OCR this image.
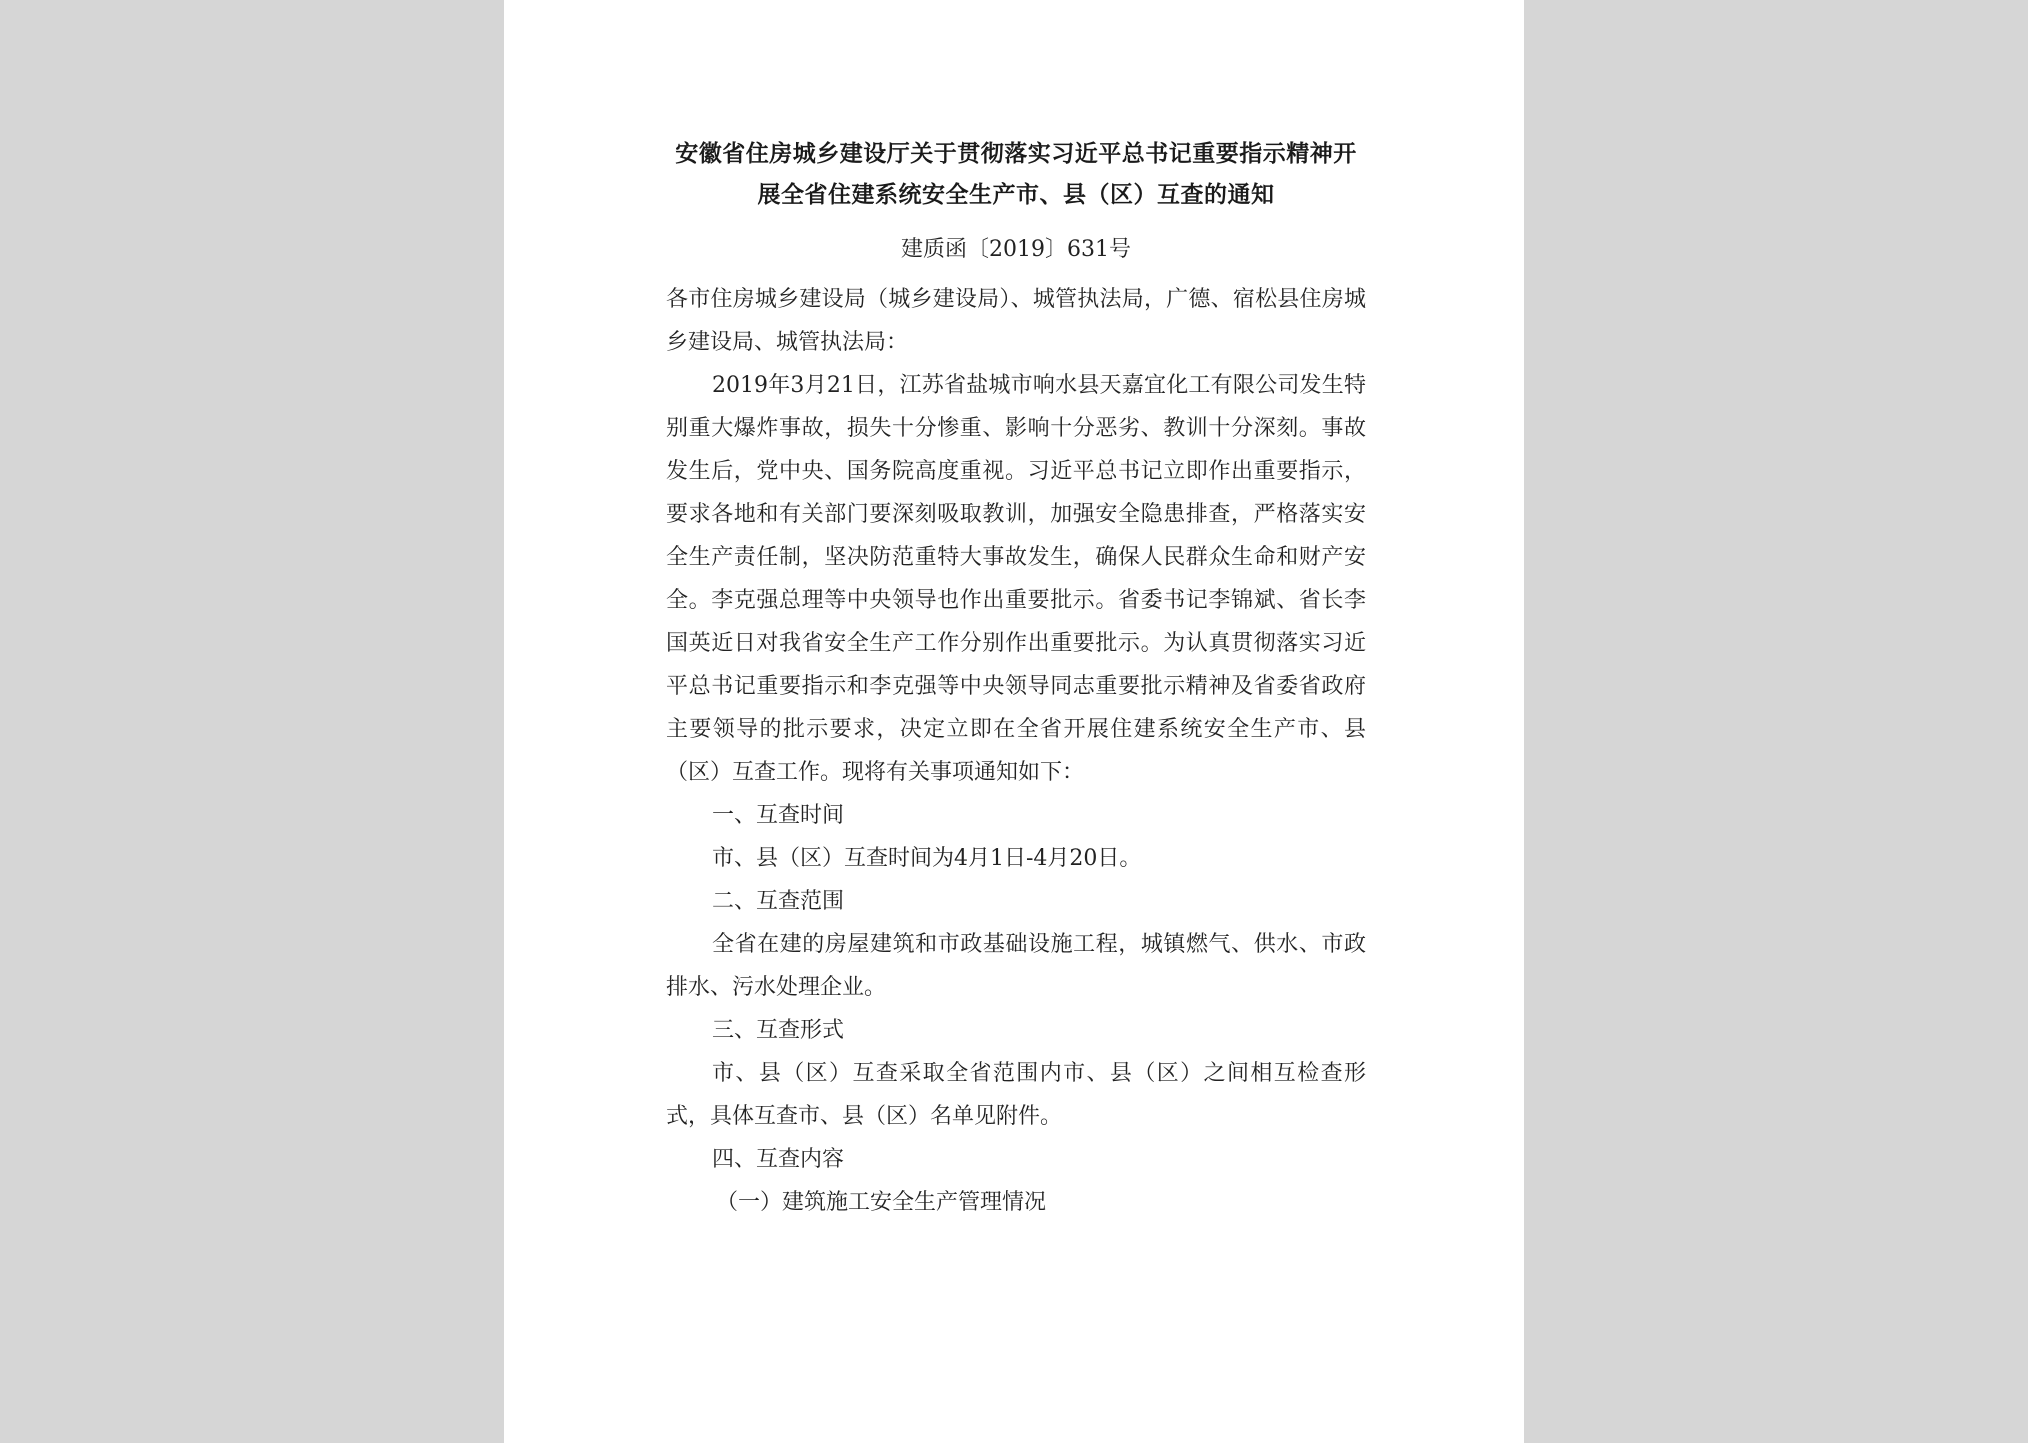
安徽省住房城乡建设厅关于贯彻落实习近平总书记重要指示精神开
展全省住建系统安全生产市、县（区）互查的通知
建质函〔2019〕631号

各市住房城乡建设局（城乡建设局）、城管执法局，广德、宿松县住房城乡建设局、城管执法局：

2019年3月21日，江苏省盐城市响水县天嘉宜化工有限公司发生特别重大爆炸事故，损失十分惨重、影响十分恶劣、教训十分深刻。事故发生后，党中央、国务院高度重视。习近平总书记立即作出重要指示，要求各地和有关部门要深刻吸取教训，加强安全隐患排查，严格落实安全生产责任制，坚决防范重特大事故发生，确保人民群众生命和财产安全。李克强总理等中央领导也作出重要批示。省委书记李锦斌、省长李国英近日对我省安全生产工作分别作出重要批示。为认真贯彻落实习近平总书记重要指示和李克强等中央领导同志重要批示精神及省委省政府主要领导的批示要求，决定立即在全省开展住建系统安全生产市、县（区）互查工作。现将有关事项通知如下：

一、互查时间

市、县（区）互查时间为4月1日-4月20日。

二、互查范围

全省在建的房屋建筑和市政基础设施工程，城镇燃气、供水、市政排水、污水处理企业。

三、互查形式

市、县（区）互查采取全省范围内市、县（区）之间相互检查形式，具体互查市、县（区）名单见附件。

四、互查内容

（一）建筑施工安全生产管理情况
